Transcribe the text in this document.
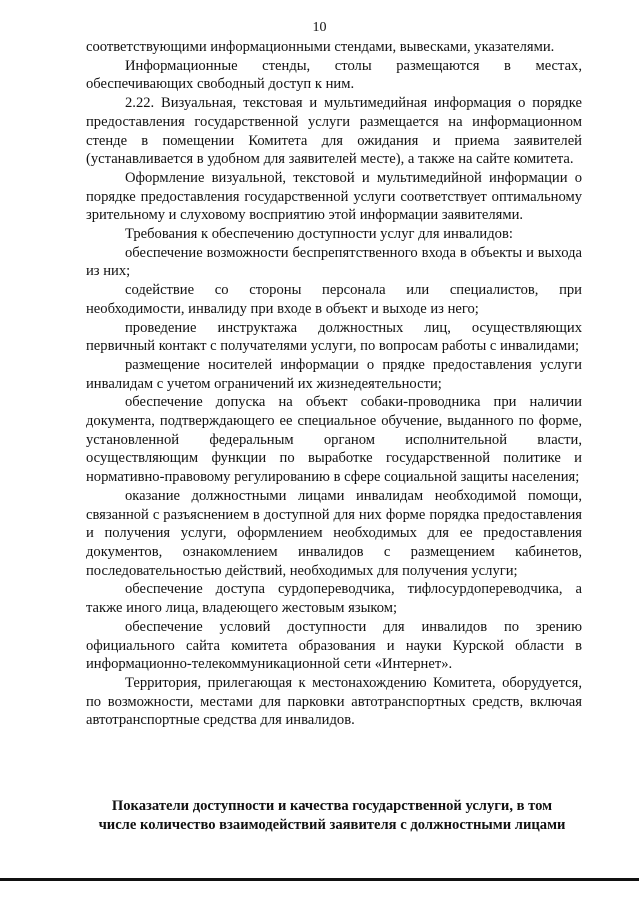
10

соответствующими информационными стендами, вывесками, указателями.

Информационные стенды, столы размещаются в местах, обеспечивающих свободный доступ к ним.

2.22. Визуальная, текстовая и мультимедийная информация о порядке предоставления государственной услуги размещается на информационном стенде в помещении Комитета для ожидания и приема заявителей (устанавливается в удобном для заявителей месте), а также на сайте комитета.

Оформление визуальной, текстовой и мультимедийной информации о порядке предоставления государственной услуги соответствует оптимальному зрительному и слуховому восприятию этой информации заявителями.

Требования к обеспечению доступности услуг для инвалидов:

обеспечение возможности беспрепятственного входа в объекты и выхода из них;

содействие со стороны персонала или специалистов, при необходимости, инвалиду при входе в объект и выходе из него;

проведение инструктажа должностных лиц, осуществляющих первичный контакт с получателями услуги, по вопросам работы с инвалидами;

размещение носителей информации о прядке предоставления услуги инвалидам с учетом ограничений их жизнедеятельности;

обеспечение допуска на объект собаки-проводника при наличии документа, подтверждающего ее специальное обучение, выданного по форме, установленной федеральным органом исполнительной власти, осуществляющим функции по выработке государственной политике и нормативно-правовому регулированию в сфере социальной защиты населения;

оказание должностными лицами инвалидам необходимой помощи, связанной с разъяснением в доступной для них форме порядка предоставления и получения услуги, оформлением необходимых для ее предоставления документов, ознакомлением инвалидов с размещением кабинетов, последовательностью действий, необходимых для получения услуги;

обеспечение доступа сурдопереводчика, тифлосурдопереводчика, а также иного лица, владеющего жестовым языком;

обеспечение условий доступности для инвалидов по зрению официального сайта комитета образования и науки Курской области в информационно-телекоммуникационной сети «Интернет».

Территория, прилегающая к местонахождению Комитета, оборудуется, по возможности, местами для парковки автотранспортных средств, включая автотранспортные средства для инвалидов.

Показатели доступности и качества государственной услуги, в том
числе количество взаимодействий заявителя с должностными лицами
